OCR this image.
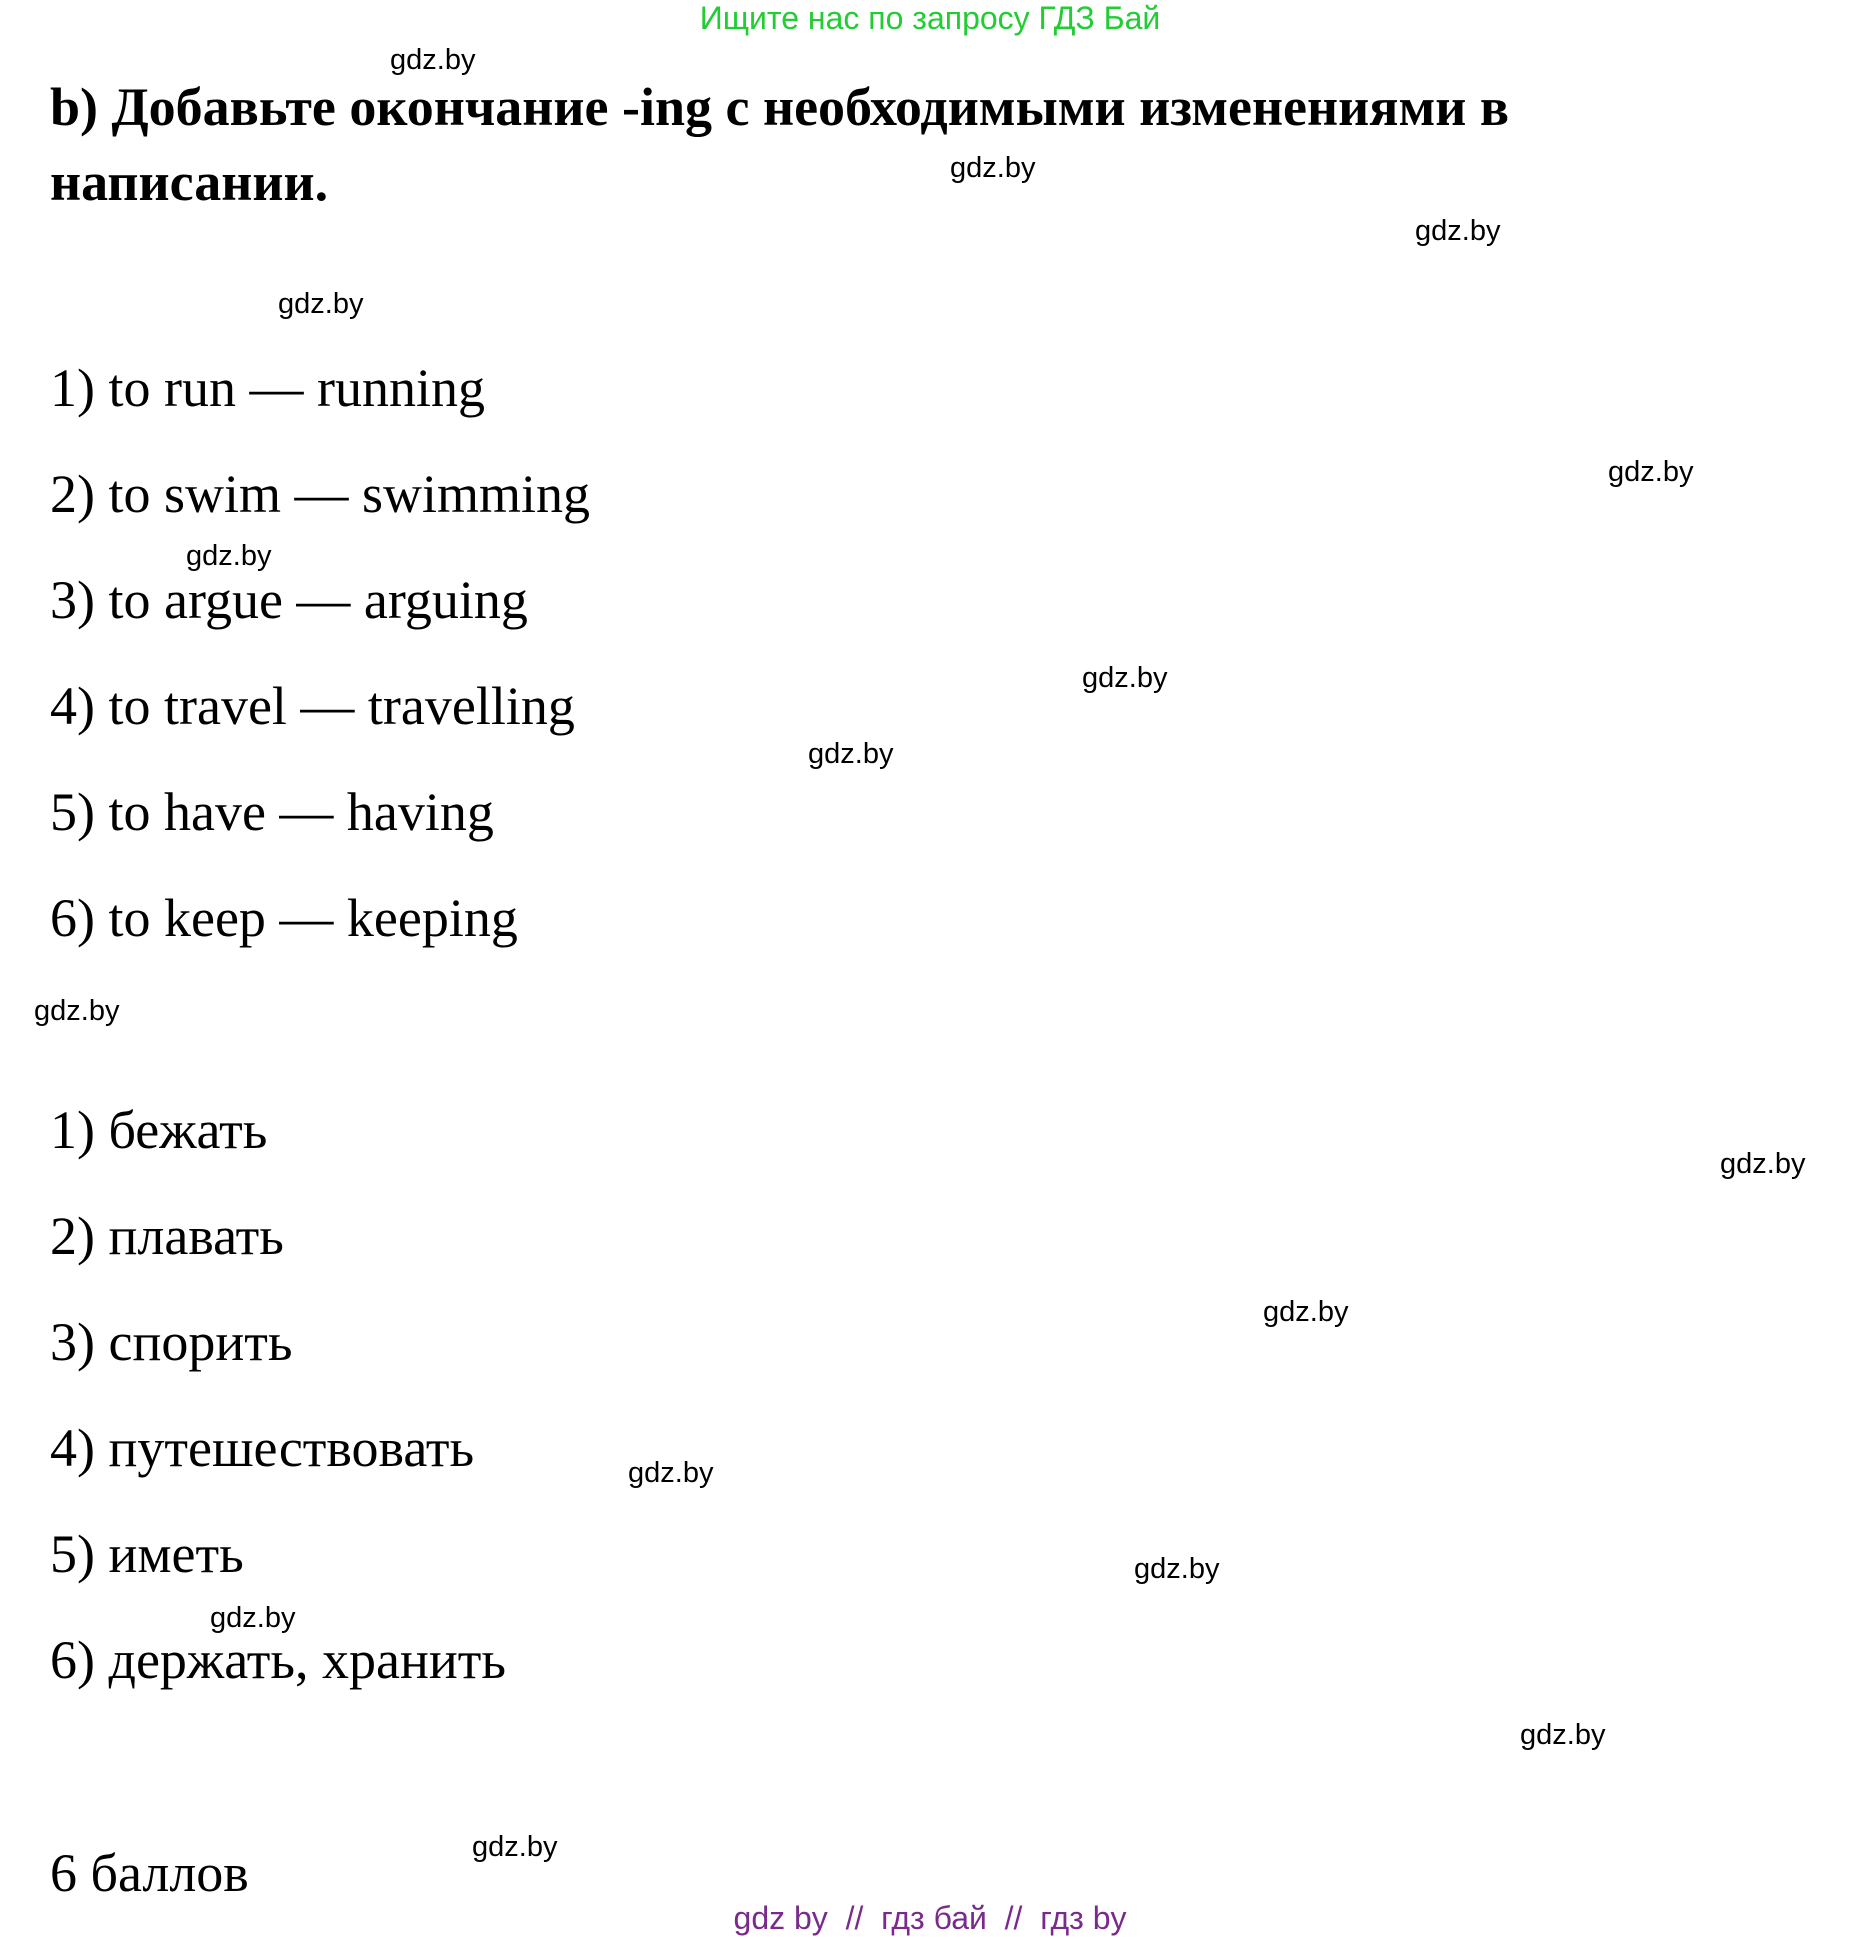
Ищите нас по запросу ГДЗ Бай
b) Добавьте окончание -ing с необходимыми изменениями в написании.
1) to run — running
2) to swim — swimming
3) to argue — arguing
4) to travel — travelling
5) to have — having
6) to keep — keeping
1) бежать
2) плавать
3) спорить
4) путешествовать
5) иметь
6) держать, хранить

6 баллов

gdz.by
gdz.by
gdz.by
gdz.by
gdz.by
gdz.by
gdz.by
gdz.by
gdz.by
gdz.by
gdz.by
gdz.by
gdz.by
gdz.by
gdz.by
gdz.by
gdz by  //  гдз бай  //  гдз by
